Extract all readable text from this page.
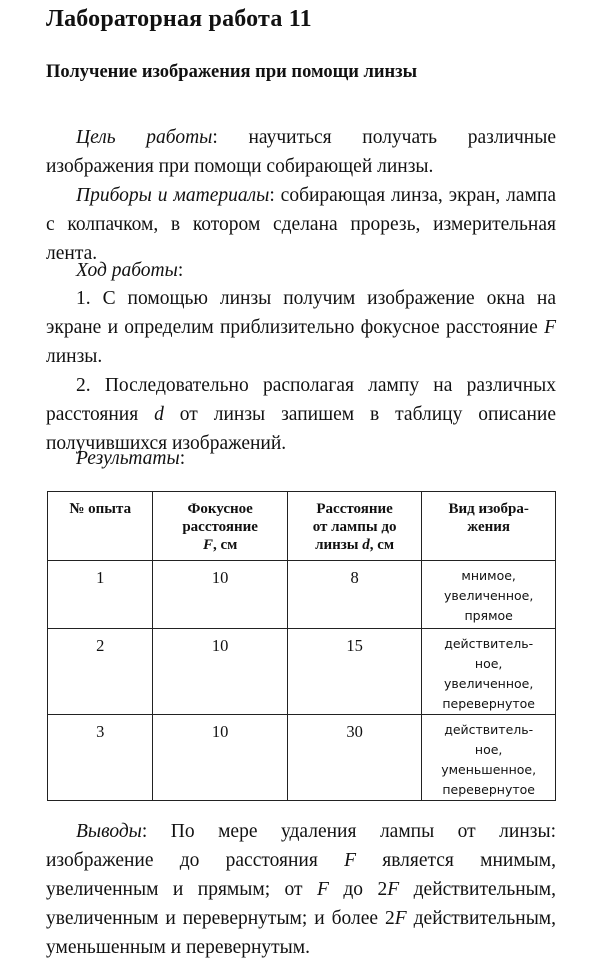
Лабораторная работа 11
Получение изображения при помощи линзы
Цель работы: научиться получать различные изображения при помощи собирающей линзы.
Приборы и материалы: собирающая линза, экран, лампа с колпачком, в котором сделана прорезь, измерительная лента.
Ход работы:
1. С помощью линзы получим изображение окна на экране и определим приблизительно фокусное расстояние F линзы.
2. Последовательно располагая лампу на различных расстояния d от линзы запишем в таблицу описание получившихся изображений.
Результаты:
№ опыта	Фокусное
расстояние
F, см	Расстояние
от лампы до
линзы d, см	Вид изобра-
жения

1	10	8	мнимое,
увеличенное,
прямое

2	10	15	действитель-
ное,
увеличенное,
перевернутое

3	10	30	действитель-
ное,
уменьшенное,
перевернутое
Выводы: По мере удаления лампы от линзы: изображение до расстояния F является мнимым, увеличенным и прямым; от F до 2F действительным, увеличенным и перевернутым; и более 2F действительным, уменьшенным и перевернутым.
